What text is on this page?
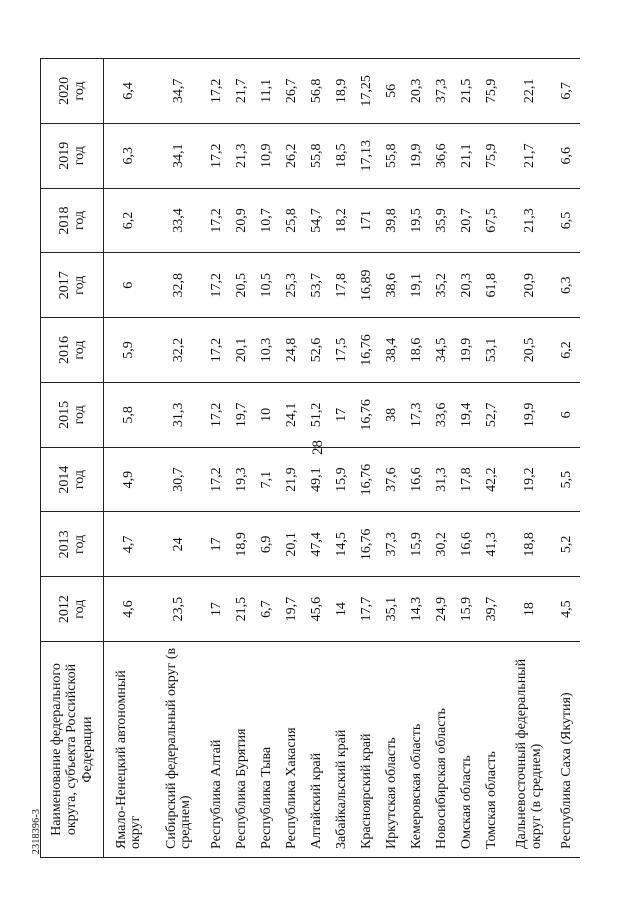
28
2318396-3 Наименование федерального округа, субъекта Российской Федерации	2012 год	2013 год	2014 год	2015 год	2016 год	2017 год	2018 год	2019 год	2020 год

Ямало-Ненецкий автономный округ	4,6	4,7	4,9	5,8	5,9	6	6,2	6,3	6,4
Сибирский федеральный округ (в среднем)	23,5	24	30,7	31,3	32,2	32,8	33,4	34,1	34,7
Республика Алтай	17	17	17,2	17,2	17,2	17,2	17,2	17,2	17,2
Республика Бурятия	21,5	18,9	19,3	19,7	20,1	20,5	20,9	21,3	21,7
Республика Тыва	6,7	6,9	7,1	10	10,3	10,5	10,7	10,9	11,1
Республика Хакасия	19,7	20,1	21,9	24,1	24,8	25,3	25,8	26,2	26,7
Алтайский край	45,6	47,4	49,1	51,2	52,6	53,7	54,7	55,8	56,8
Забайкальский край	14	14,5	15,9	17	17,5	17,8	18,2	18,5	18,9
Красноярский край	17,7	16,76	16,76	16,76	16,76	16,89	171	17,13	17,25
Иркутская область	35,1	37,3	37,6	38	38,4	38,6	39,8	55,8	56
Кемеровская область	14,3	15,9	16,6	17,3	18,6	19,1	19,5	19,9	20,3
Новосибирская область	24,9	30,2	31,3	33,6	34,5	35,2	35,9	36,6	37,3
Омская область	15,9	16,6	17,8	19,4	19,9	20,3	20,7	21,1	21,5
Томская область	39,7	41,3	42,2	52,7	53,1	61,8	67,5	75,9	75,9
Дальневосточный федеральный округ (в среднем)	18	18,8	19,2	19,9	20,5	20,9	21,3	21,7	22,1
Республика Саха (Якутия)	4,5	5,2	5,5	6	6,2	6,3	6,5	6,6	6,7
